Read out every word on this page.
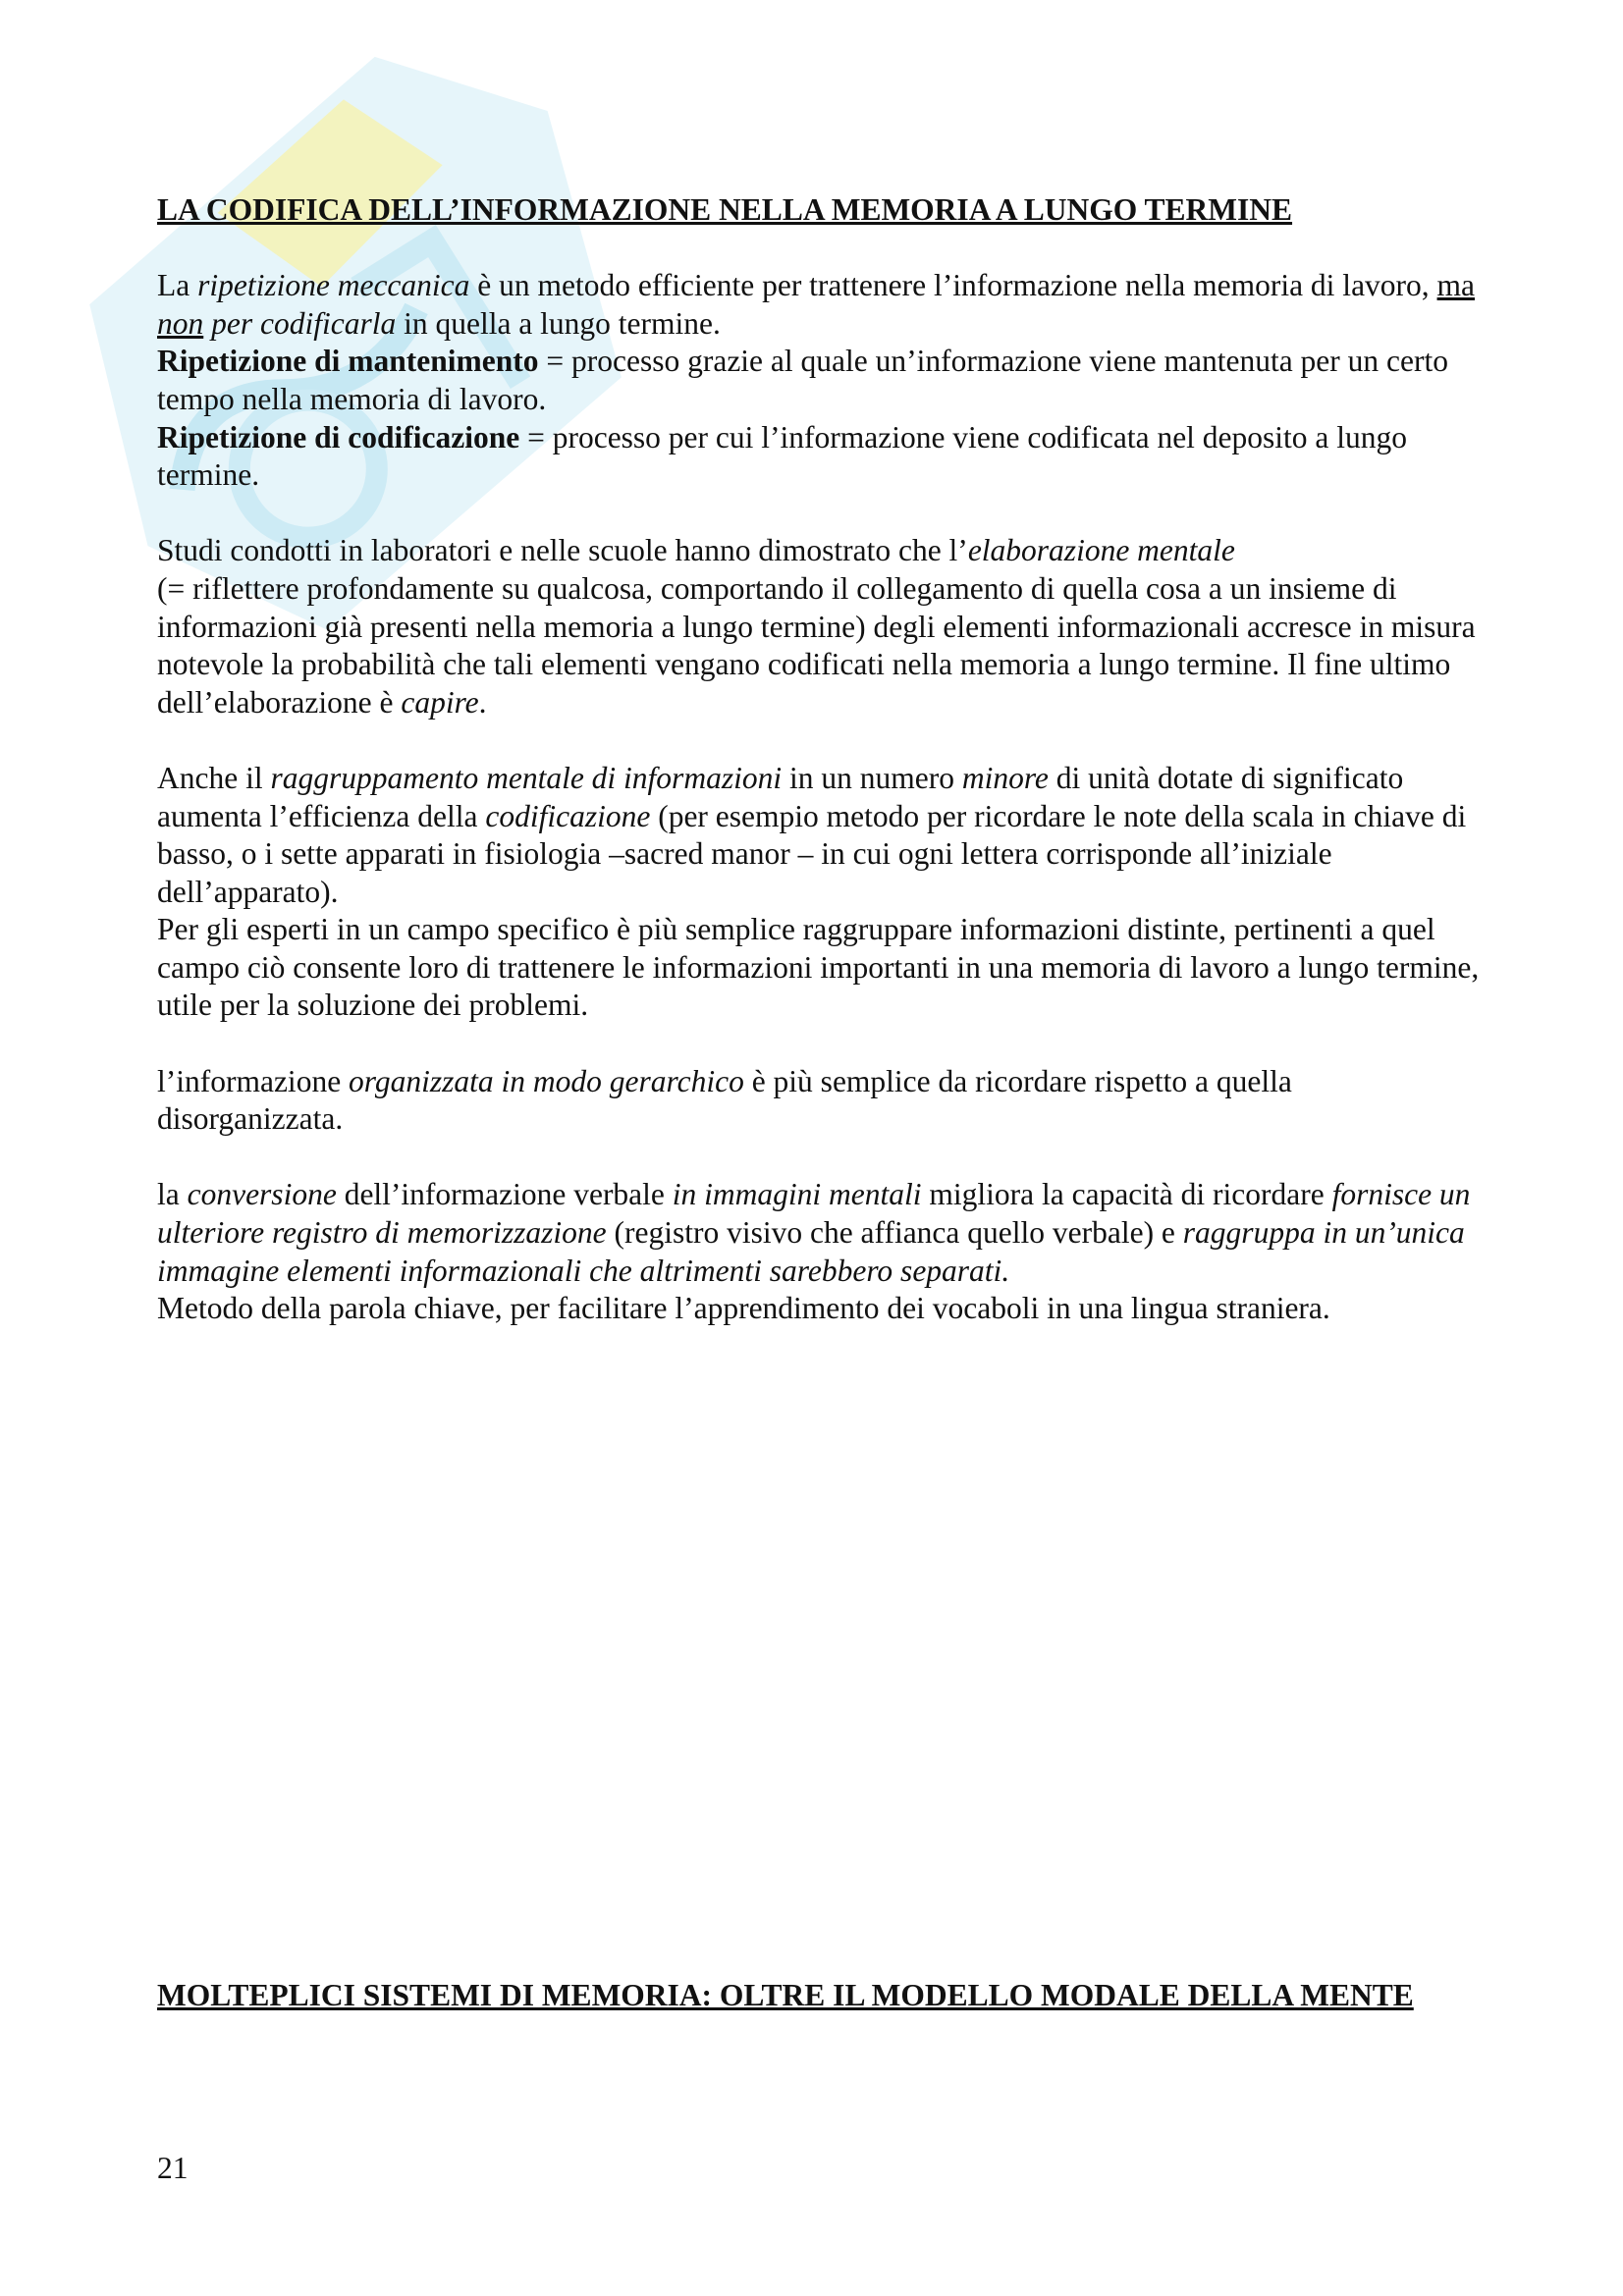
LA CODIFICA DELL’INFORMAZIONE NELLA MEMORIA A LUNGO TERMINE

La ripetizione meccanica è un metodo efficiente per trattenere l’informazione nella memoria di lavoro, ma non per codificarla in quella a lungo termine.

Ripetizione di mantenimento = processo grazie al quale un’informazione viene mantenuta per un certo tempo nella memoria di lavoro.

Ripetizione di codificazione = processo per cui l’informazione viene codificata nel deposito a lungo termine.

Studi condotti in laboratori e nelle scuole hanno dimostrato che l’elaborazione mentale

(= riflettere profondamente su qualcosa, comportando il collegamento di quella cosa a un insieme di informazioni già presenti nella memoria a lungo termine) degli elementi informazionali accresce in misura notevole la probabilità che tali elementi vengano codificati nella memoria a lungo termine. Il fine ultimo dell’elaborazione è capire.

Anche il raggruppamento mentale di informazioni in un numero minore di unità dotate di significato aumenta l’efficienza della codificazione (per esempio metodo per ricordare le note della scala in chiave di basso, o i sette apparati in fisiologia –sacred manor – in cui ogni lettera corrisponde all’iniziale dell’apparato).

Per gli esperti in un campo specifico è più semplice raggruppare informazioni distinte, pertinenti a quel campo ciò consente loro di trattenere le informazioni importanti in una memoria di lavoro a lungo termine, utile per la soluzione dei problemi.

l’informazione organizzata in modo gerarchico è più semplice da ricordare rispetto a quella disorganizzata.

la conversione dell’informazione verbale in immagini mentali migliora la capacità di ricordare fornisce un ulteriore registro di memorizzazione (registro visivo che affianca quello verbale) e raggruppa in un’unica immagine elementi informazionali che altrimenti sarebbero separati.

Metodo della parola chiave, per facilitare l’apprendimento dei vocaboli in una lingua straniera.

MOLTEPLICI SISTEMI DI MEMORIA: OLTRE IL MODELLO MODALE DELLA MENTE

21
